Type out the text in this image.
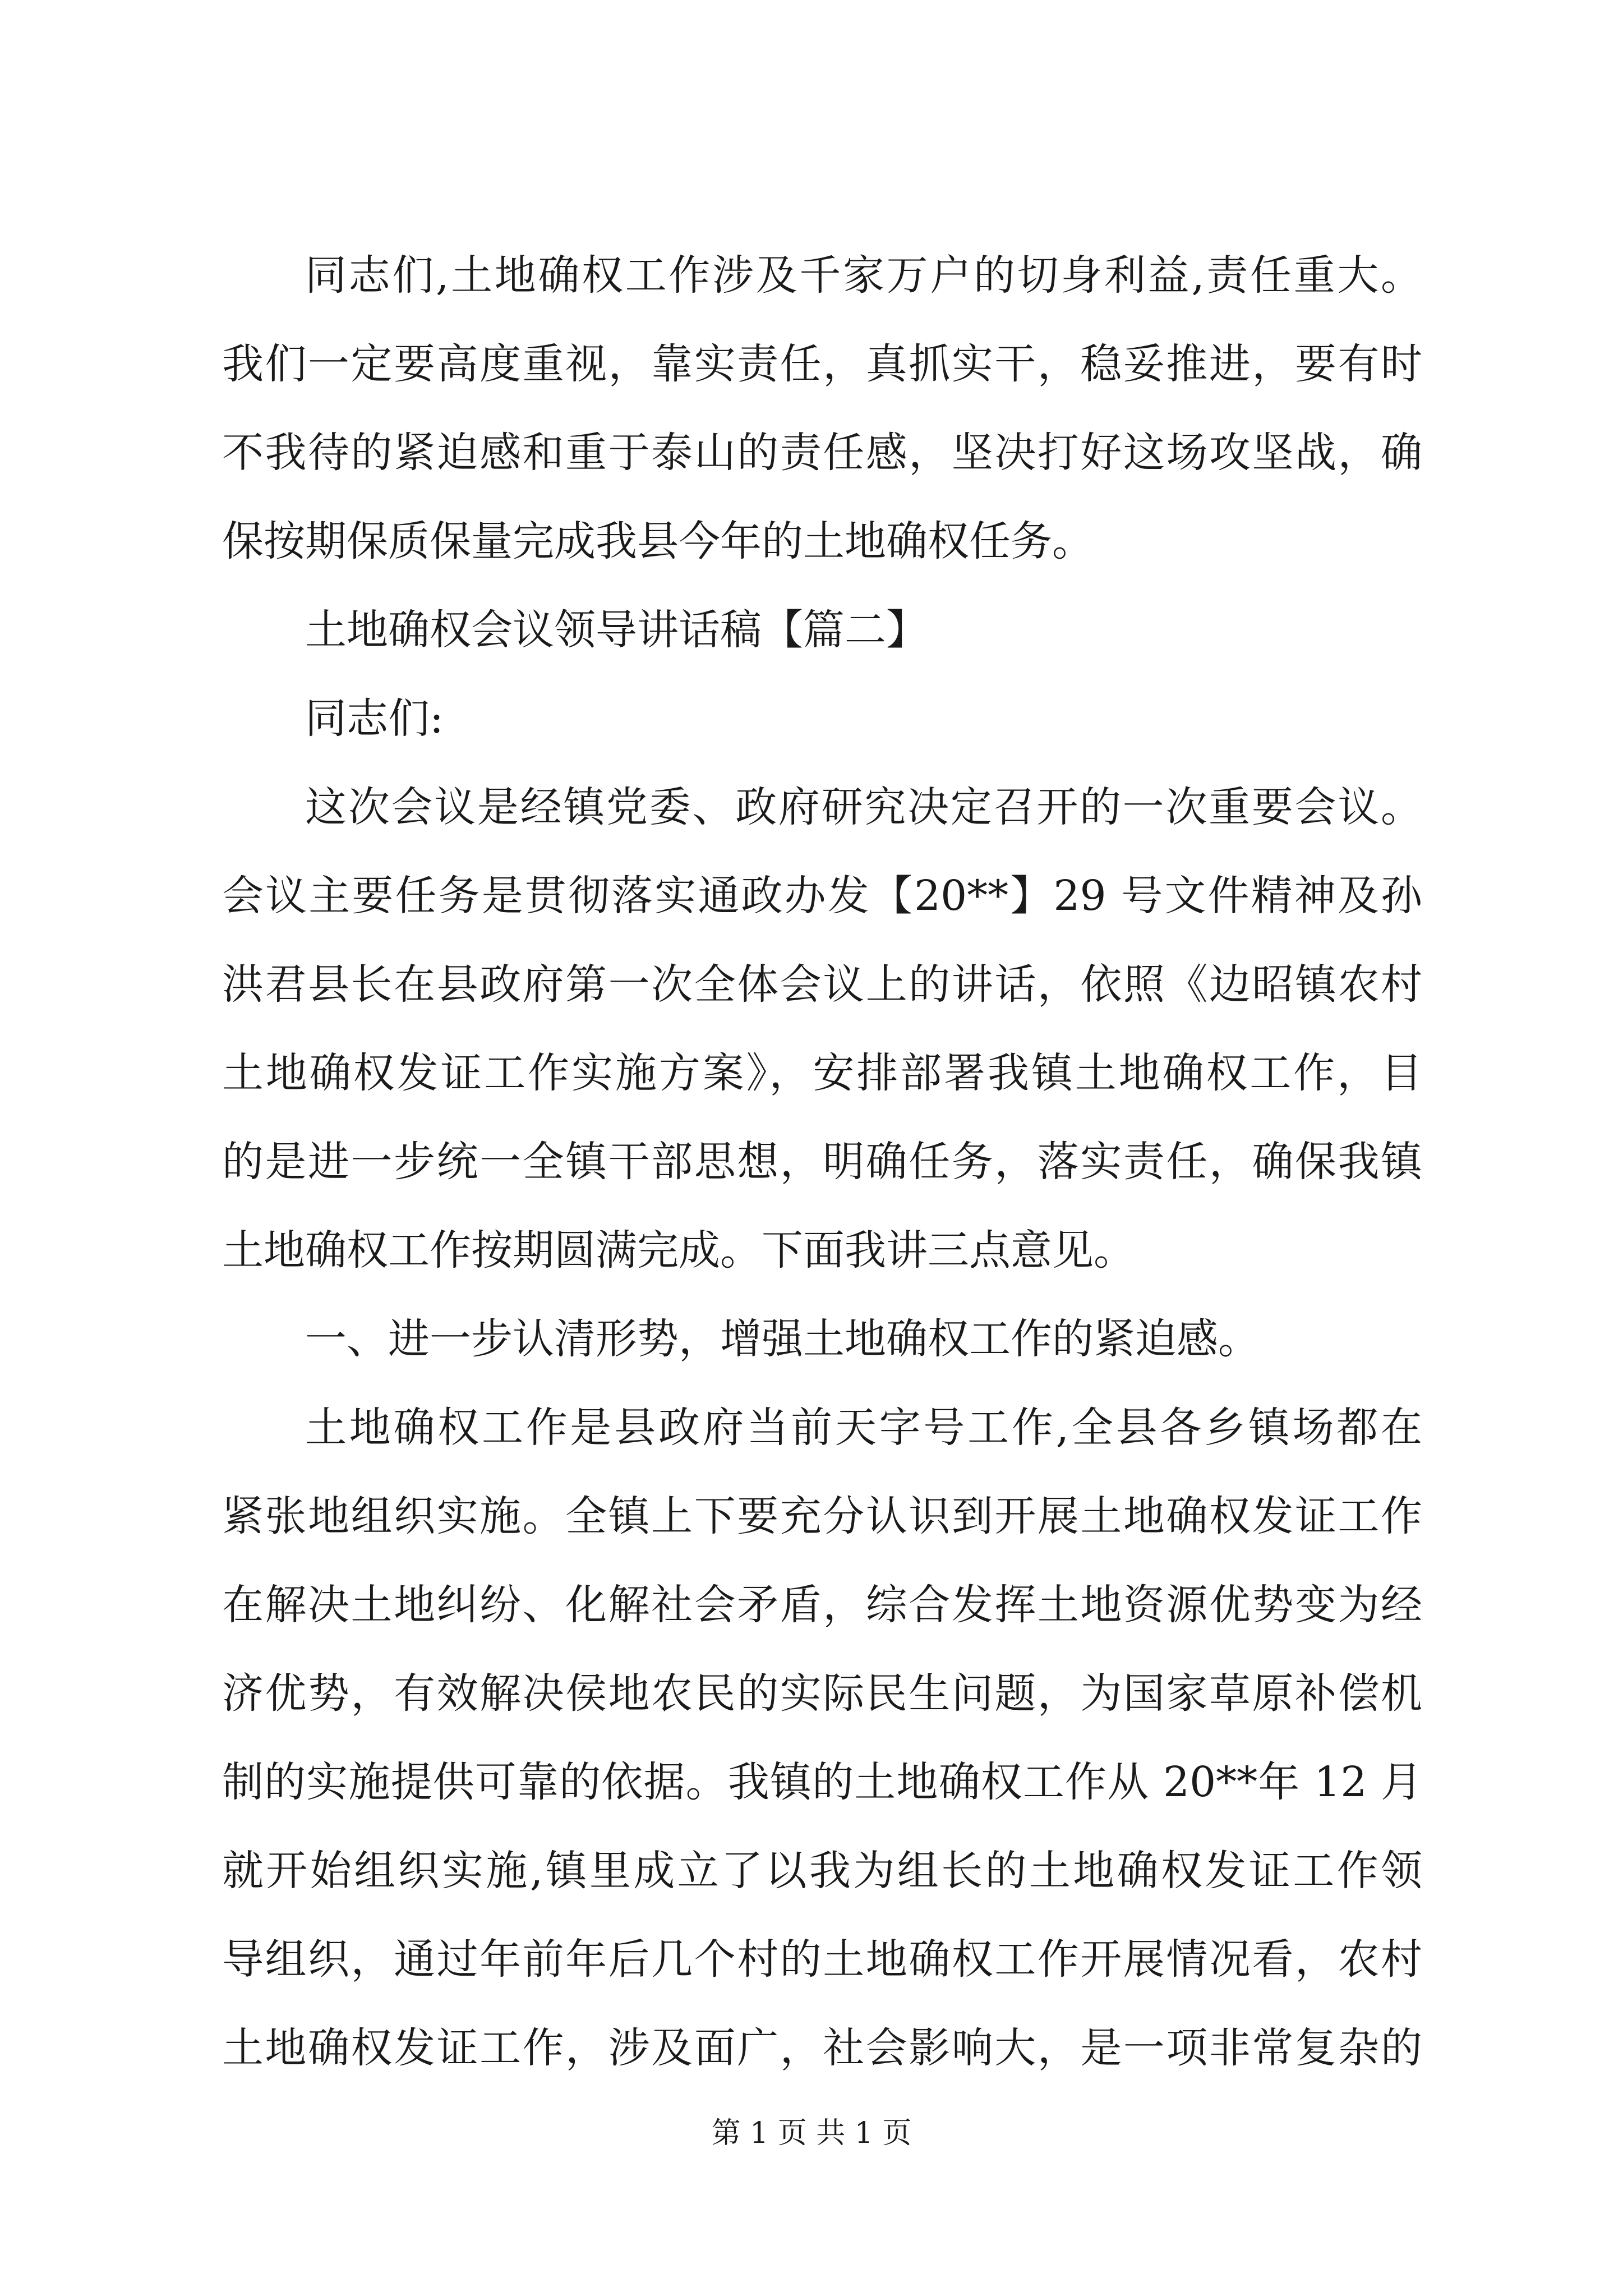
同志们,土地确权工作涉及千家万户的切身利益,责任重大。
我们一定要高度重视，靠实责任，真抓实干，稳妥推进，要有时
不我待的紧迫感和重于泰山的责任感，坚决打好这场攻坚战，确
保按期保质保量完成我县今年的土地确权任务。
土地确权会议领导讲话稿【篇二】
同志们:
这次会议是经镇党委、政府研究决定召开的一次重要会议。
会议主要任务是贯彻落实通政办发【20**】29 号文件精神及孙
洪君县长在县政府第一次全体会议上的讲话，依照《边昭镇农村
土地确权发证工作实施方案》，安排部署我镇土地确权工作，目
的是进一步统一全镇干部思想，明确任务，落实责任，确保我镇
土地确权工作按期圆满完成。下面我讲三点意见。
一、进一步认清形势，增强土地确权工作的紧迫感。
土地确权工作是县政府当前天字号工作,全县各乡镇场都在
紧张地组织实施。全镇上下要充分认识到开展土地确权发证工作
在解决土地纠纷、化解社会矛盾，综合发挥土地资源优势变为经
济优势，有效解决侯地农民的实际民生问题，为国家草原补偿机
制的实施提供可靠的依据。我镇的土地确权工作从 20**年 12 月
就开始组织实施,镇里成立了以我为组长的土地确权发证工作领
导组织，通过年前年后几个村的土地确权工作开展情况看，农村
土地确权发证工作，涉及面广，社会影响大，是一项非常复杂的
第 1 页 共 1 页
